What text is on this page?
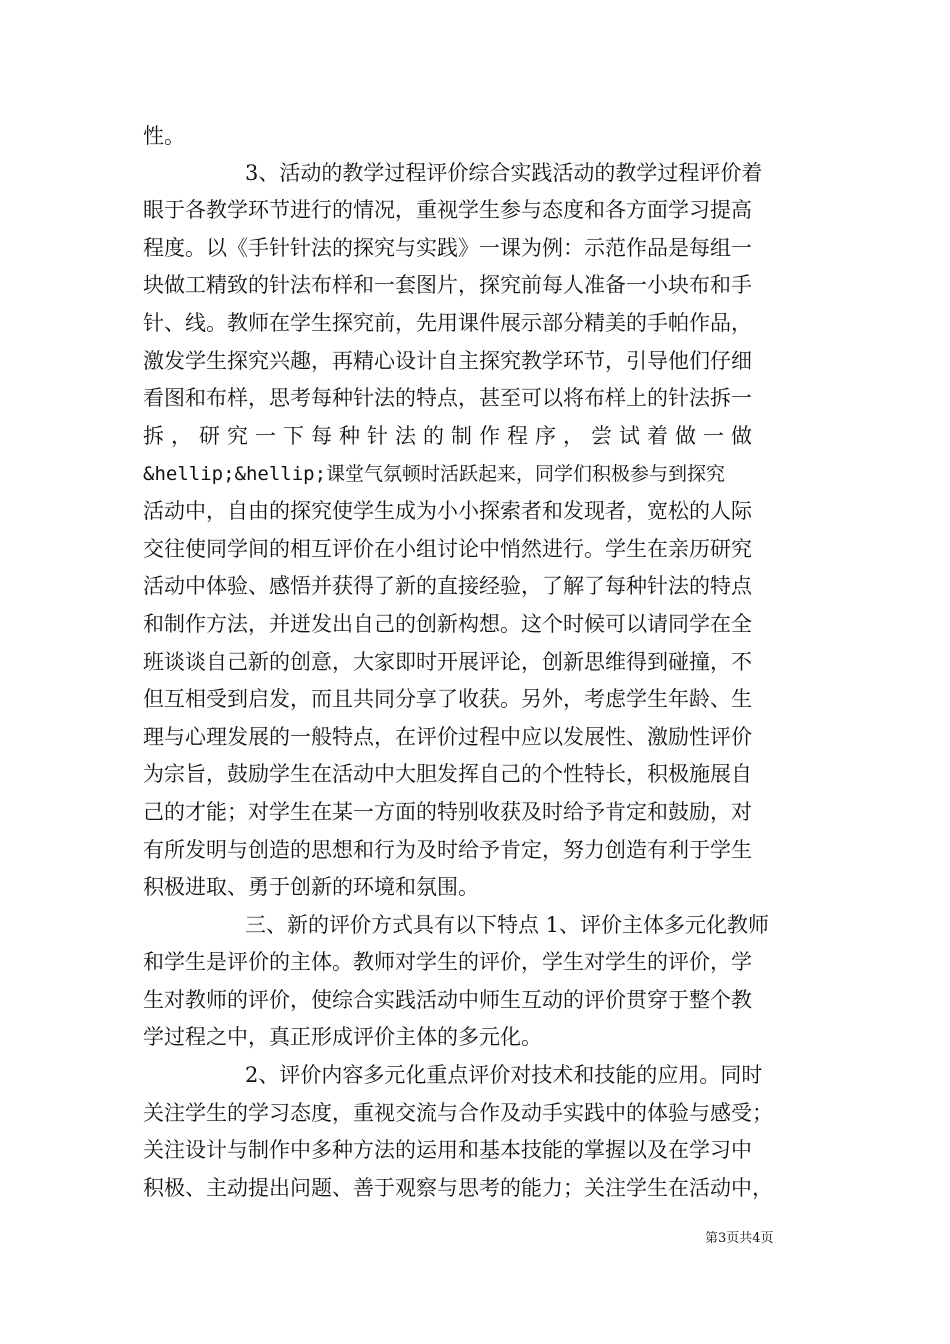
性。
3、活动的教学过程评价综合实践活动的教学过程评价着
眼于各教学环节进行的情况，重视学生参与态度和各方面学习提高
程度。以《手针针法的探究与实践》一课为例：示范作品是每组一
块做工精致的针法布样和一套图片，探究前每人准备一小块布和手
针、线。教师在学生探究前，先用课件展示部分精美的手帕作品，
激发学生探究兴趣，再精心设计自主探究教学环节，引导他们仔细
看图和布样，思考每种针法的特点，甚至可以将布样上的针法拆一
拆，研究一下每种针法的制作程序，尝试着做一做
&hellip;&hellip;课堂气氛顿时活跃起来，同学们积极参与到探究
活动中，自由的探究使学生成为小小探索者和发现者，宽松的人际
交往使同学间的相互评价在小组讨论中悄然进行。学生在亲历研究
活动中体验、感悟并获得了新的直接经验，了解了每种针法的特点
和制作方法，并迸发出自己的创新构想。这个时候可以请同学在全
班谈谈自己新的创意，大家即时开展评论，创新思维得到碰撞，不
但互相受到启发，而且共同分享了收获。另外，考虑学生年龄、生
理与心理发展的一般特点，在评价过程中应以发展性、激励性评价
为宗旨，鼓励学生在活动中大胆发挥自己的个性特长，积极施展自
己的才能；对学生在某一方面的特别收获及时给予肯定和鼓励，对
有所发明与创造的思想和行为及时给予肯定，努力创造有利于学生
积极进取、勇于创新的环境和氛围。
三、新的评价方式具有以下特点 1、评价主体多元化教师
和学生是评价的主体。教师对学生的评价，学生对学生的评价，学
生对教师的评价，使综合实践活动中师生互动的评价贯穿于整个教
学过程之中，真正形成评价主体的多元化。
2、评价内容多元化重点评价对技术和技能的应用。同时
关注学生的学习态度，重视交流与合作及动手实践中的体验与感受；
关注设计与制作中多种方法的运用和基本技能的掌握以及在学习中
积极、主动提出问题、善于观察与思考的能力；关注学生在活动中，
第3页共4页
